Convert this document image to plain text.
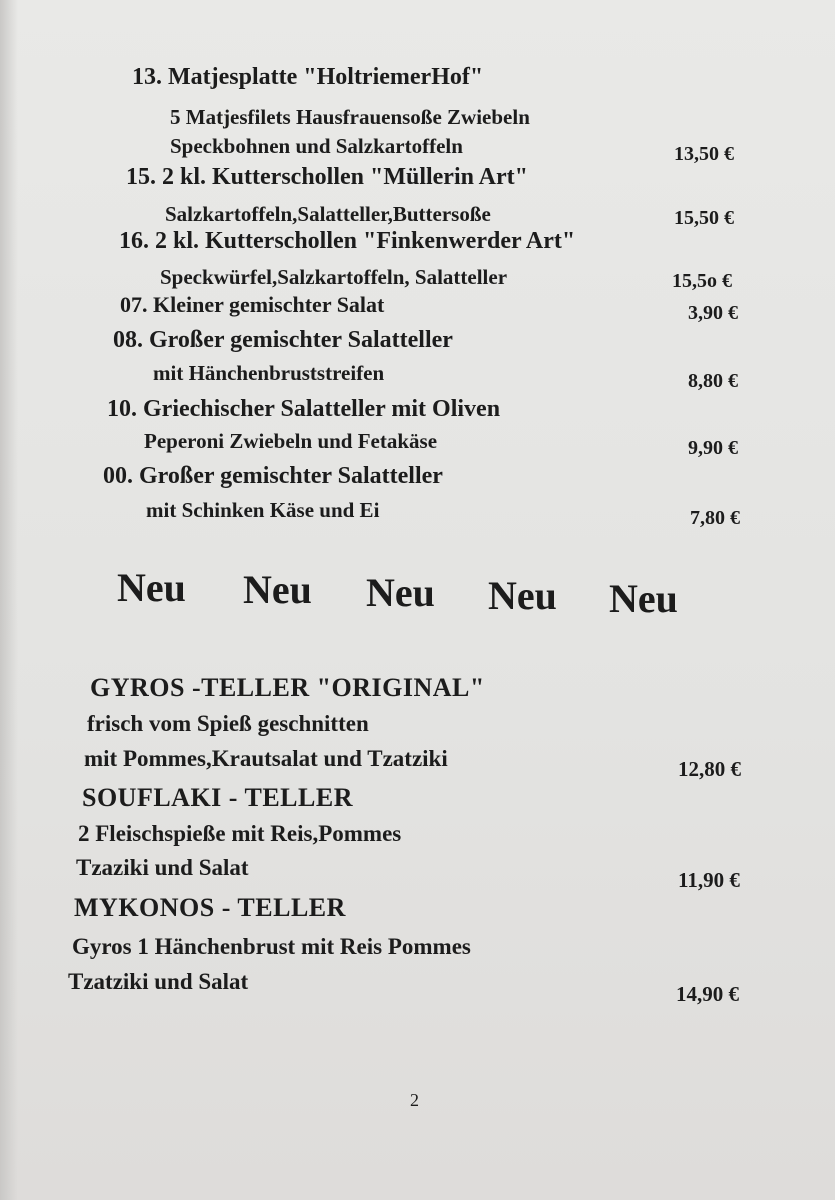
13. Matjesplatte "HoltriemerHof"
5 Matjesfilets Hausfrauensoße Zwiebeln
Speckbohnen und Salzkartoffeln	13,50 €
15. 2 kl. Kutterschollen "Müllerin Art"
Salzkartoffeln,Salatteller,Buttersoße	15,50 €
16. 2 kl. Kutterschollen "Finkenwerder Art"
Speckwürfel,Salzkartoffeln, Salatteller	15,5o €
07. Kleiner gemischter Salat	3,90 €
08. Großer gemischter Salatteller
mit Hänchenbruststreifen	8,80 €
10. Griechischer Salatteller mit Oliven
Peperoni Zwiebeln und Fetakäse	9,90 €
00. Großer gemischter Salatteller
mit Schinken Käse und Ei	7,80 €
Neu Neu Neu Neu Neu
GYROS -TELLER "ORIGINAL"
frisch vom Spieß geschnitten
mit Pommes,Krautsalat und Tzatziki	12,80 €
SOUFLAKI - TELLER
2 Fleischspieße mit Reis,Pommes
Tzaziki und Salat	11,90 €
MYKONOS - TELLER
Gyros 1 Hänchenbrust mit Reis Pommes
Tzatziki und Salat	14,90 €
2
